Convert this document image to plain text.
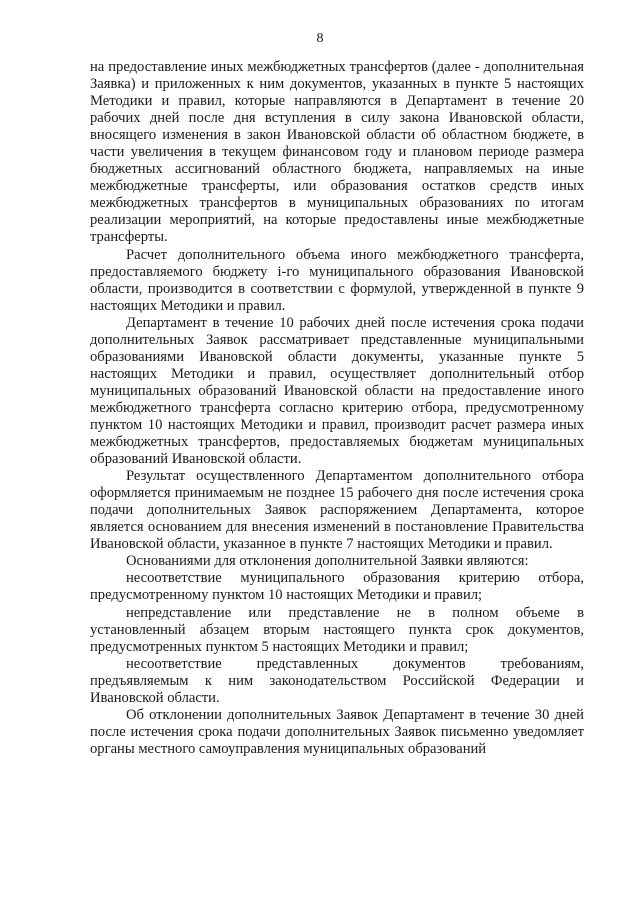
8

на предоставление иных межбюджетных трансфертов (далее - дополнительная Заявка) и приложенных к ним документов, указанных в пункте 5 настоящих Методики и правил, которые направляются в Департамент в течение 20 рабочих дней после дня вступления в силу закона Ивановской области, вносящего изменения в закон Ивановской области об областном бюджете, в части увеличения в текущем финансовом году и плановом периоде размера бюджетных ассигнований областного бюджета, направляемых на иные межбюджетные трансферты, или образования остатков средств иных межбюджетных трансфертов в муниципальных образованиях по итогам реализации мероприятий, на которые предоставлены иные межбюджетные трансферты.

Расчет дополнительного объема иного межбюджетного трансферта, предоставляемого бюджету i-го муниципального образования Ивановской области, производится в соответствии с формулой, утвержденной в пункте 9 настоящих Методики и правил.

Департамент в течение 10 рабочих дней после истечения срока подачи дополнительных Заявок рассматривает представленные муниципальными образованиями Ивановской области документы, указанные пункте 5 настоящих Методики и правил, осуществляет дополнительный отбор муниципальных образований Ивановской области на предоставление иного межбюджетного трансферта согласно критерию отбора, предусмотренному пунктом 10 настоящих Методики и правил, производит расчет размера иных межбюджетных трансфертов, предоставляемых бюджетам муниципальных образований Ивановской области.

Результат осуществленного Департаментом дополнительного отбора оформляется принимаемым не позднее 15 рабочего дня после истечения срока подачи дополнительных Заявок распоряжением Департамента, которое является основанием для внесения изменений в постановление Правительства Ивановской области, указанное в пункте 7 настоящих Методики и правил.

Основаниями для отклонения дополнительной Заявки являются:

несоответствие муниципального образования критерию отбора, предусмотренному пунктом 10 настоящих Методики и правил;

непредставление или представление не в полном объеме в установленный абзацем вторым настоящего пункта срок документов, предусмотренных пунктом 5 настоящих Методики и правил;

несоответствие представленных документов требованиям, предъявляемым к ним законодательством Российской Федерации и Ивановской области.

Об отклонении дополнительных Заявок Департамент в течение 30 дней после истечения срока подачи дополнительных Заявок письменно уведомляет органы местного самоуправления муниципальных образований
